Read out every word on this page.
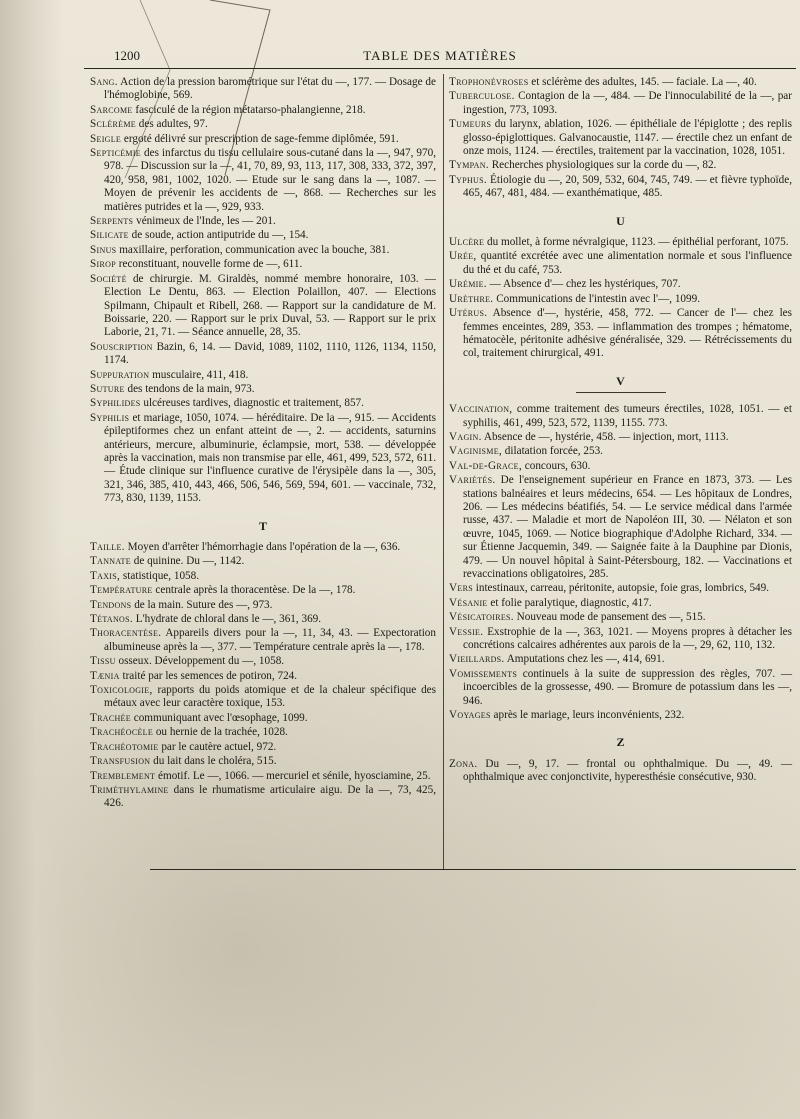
1200	TABLE DES MATIÈRES

Sang. Action de la pression barométrique sur l'état du —, 177. — Dosage de l'hémoglobine, 569.

Sarcome fasciculé de la région métatarso-phalangienne, 218.

Sclérème des adultes, 97.

Seigle ergoté délivré sur prescription de sage-femme diplômée, 591.

Septicémie des infarctus du tissu cellulaire sous-cutané dans la —, 947, 970, 978. — Discussion sur la —, 41, 70, 89, 93, 113, 117, 308, 333, 372, 397, 420, 958, 981, 1002, 1020. — Etude sur le sang dans la —, 1087. — Moyen de prévenir les accidents de —, 868. — Recherches sur les matières putrides et la —, 929, 933.

Serpents vénimeux de l'Inde, les — 201.

Silicate de soude, action antiputride du —, 154.

Sinus maxillaire, perforation, communication avec la bouche, 381.

Sirop reconstituant, nouvelle forme de —, 611.

Société de chirurgie. M. Giraldès, nommé membre honoraire, 103. — Election Le Dentu, 863. — Election Polaillon, 407. — Elections Spilmann, Chipault et Ribell, 268. — Rapport sur la candidature de M. Boissarie, 220. — Rapport sur le prix Duval, 53. — Rapport sur le prix Laborie, 21, 71. — Séance annuelle, 28, 35.

Souscription Bazin, 6, 14. — David, 1089, 1102, 1110, 1126, 1134, 1150, 1174.

Suppuration musculaire, 411, 418.

Suture des tendons de la main, 973.

Syphilides ulcéreuses tardives, diagnostic et traitement, 857.

Syphilis et mariage, 1050, 1074. — héréditaire. De la —, 915. — Accidents épileptiformes chez un enfant atteint de —, 2. — accidents, saturnins antérieurs, mercure, albuminurie, éclampsie, mort, 538. — développée après la vaccination, mais non transmise par elle, 461, 499, 523, 572, 611. — Étude clinique sur l'influence curative de l'érysipèle dans la —, 305, 321, 346, 385, 410, 443, 466, 506, 546, 569, 594, 601. — vaccinale, 732, 773, 830, 1139, 1153.

T

Taille. Moyen d'arrêter l'hémorrhagie dans l'opération de la —, 636.

Tannate de quinine. Du —, 1142.

Taxis, statistique, 1058.

Température centrale après la thoracentèse. De la —, 178.

Tendons de la main. Suture des —, 973.

Tétanos. L'hydrate de chloral dans le —, 361, 369.

Thoracentèse. Appareils divers pour la —, 11, 34, 43. — Expectoration albumineuse après la —, 377. — Température centrale après la —, 178.

Tissu osseux. Développement du —, 1058.

Tænia traité par les semences de potiron, 724.

Toxicologie, rapports du poids atomique et de la chaleur spécifique des métaux avec leur caractère toxique, 153.

Trachée communiquant avec l'œsophage, 1099.

Trachéocèle ou hernie de la trachée, 1028.

Trachéotomie par le cautère actuel, 972.

Transfusion du lait dans le choléra, 515.

Tremblement émotif. Le —, 1066. — mercuriel et sénile, hyosciamine, 25.

Triméthylamine dans le rhumatisme articulaire aigu. De la —, 73, 425, 426.

Trophonévroses et sclérème des adultes, 145. — faciale. La —, 40.

Tuberculose. Contagion de la —, 484. — De l'innoculabilité de la —, par ingestion, 773, 1093.

Tumeurs du larynx, ablation, 1026. — épithéliale de l'épiglotte ; des replis glosso-épiglottiques. Galvanocaustie, 1147. — érectile chez un enfant de onze mois, 1124. — érectiles, traitement par la vaccination, 1028, 1051.

Tympan. Recherches physiologiques sur la corde du —, 82.

Typhus. Étiologie du —, 20, 509, 532, 604, 745, 749. — et fièvre typhoïde, 465, 467, 481, 484. — exanthématique, 485.

U

Ulcère du mollet, à forme névralgique, 1123. — épithélial perforant, 1075.

Urée, quantité excrétée avec une alimentation normale et sous l'influence du thé et du café, 753.

Urémie. — Absence d'— chez les hystériques, 707.

Urèthre. Communications de l'intestin avec l'—, 1099.

Utérus. Absence d'—, hystérie, 458, 772. — Cancer de l'— chez les femmes enceintes, 289, 353. — inflammation des trompes ; hématome, hématocèle, péritonite adhésive généralisée, 329. — Rétrécissements du col, traitement chirurgical, 491.

V

Vaccination, comme traitement des tumeurs érectiles, 1028, 1051. — et syphilis, 461, 499, 523, 572, 1139, 1155. 773.

Vagin. Absence de —, hystérie, 458. — injection, mort, 1113.

Vaginisme, dilatation forcée, 253.

Val-de-Grace, concours, 630.

Variétés. De l'enseignement supérieur en France en 1873, 373. — Les stations balnéaires et leurs médecins, 654. — Les hôpitaux de Londres, 206. — Les médecins béatifiés, 54. — Le service médical dans l'armée russe, 437. — Maladie et mort de Napoléon III, 30. — Nélaton et son œuvre, 1045, 1069. — Notice biographique d'Adolphe Richard, 334. — sur Étienne Jacquemin, 349. — Saignée faite à la Dauphine par Dionis, 479. — Un nouvel hôpital à Saint-Pétersbourg, 182. — Vaccinations et revaccinations obligatoires, 285.

Vers intestinaux, carreau, péritonite, autopsie, foie gras, lombrics, 549.

Vésanie et folie paralytique, diagnostic, 417.

Vésicatoires. Nouveau mode de pansement des —, 515.

Vessie. Exstrophie de la —, 363, 1021. — Moyens propres à détacher les concrétions calcaires adhérentes aux parois de la —, 29, 62, 110, 132.

Vieillards. Amputations chez les —, 414, 691.

Vomissements continuels à la suite de suppression des règles, 707. — incoercibles de la grossesse, 490. — Bromure de potassium dans les —, 946.

Voyages après le mariage, leurs inconvénients, 232.

Z

Zona. Du —, 9, 17. — frontal ou ophthalmique. Du —, 49. — ophthalmique avec conjonctivite, hyperesthésie consécutive, 930.
